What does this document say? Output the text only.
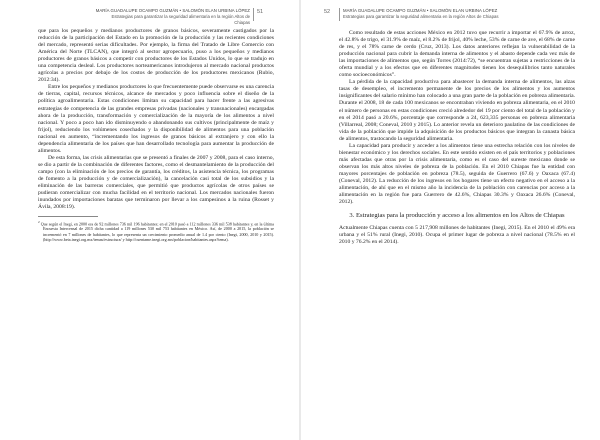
MARÍA GUADALUPE OCAMPO GUZMÁN • SALOMÓN ELAN URBINA LÓPEZ
Estrategias para garantizar la seguridad alimentaria en la región Altos de Chiapas
51

que para los pequeños y medianos productores de granos básicos, severamente castigados por la reducción de la participación del Estado en la promoción de la producción y las recientes condiciones del mercado, representó serias dificultades. Por ejemplo, la firma del Tratado de Libre Comercio con América del Norte (TLCAN), que integró al sector agropecuario, puso a los pequeños y medianos productores de granos básicos a competir con productores de los Estados Unidos, lo que se tradujo en una competencia desleal. Los productores norteamericanos introdujeron al mercado nacional productos agrícolas a precios por debajo de los costos de producción de los productores mexicanos (Rubio, 2012:34).

Entre los pequeños y medianos productores lo que frecuentemente puede observarse es una carencia de tierras, capital, recursos técnicos, alcance de mercados y poco influencia sobre el diseño de la política agroalimentaria. Estas condiciones limitan su capacidad para hacer frente a las agresivas estrategias de competencia de las grandes empresas privadas (nacionales y transnacionales) encargadas ahora de la producción, transformación y comercialización de la mayoría de los alimentos a nivel nacional. Y poco a poco han ido disminuyendo o abandonando sus cultivos (principalmente de maíz y frijol), reduciendo los volúmenes cosechados y la disponibilidad de alimentos para una población nacional en aumento, “incrementando los ingresos de granos básicos al extranjero y con ello la dependencia alimentaria de los países que han desarrollado tecnología para aumentar la producción de alimentos.

De esta forma, las crisis alimentarias que se presentó a finales de 2007 y 2008, para el caso interno, se dio a partir de la combinación de diferentes factores, como el desmantelamiento de la producción del campo (con la eliminación de los precios de garantía, los créditos, la asistencia técnica, los programas de fomento a la producción y de comercialización), la cancelación casi total de los subsidios y la eliminación de las barreras comerciales, que permitió que productos agrícolas de otros países se pudieran comercializar con mucha facilidad en el territorio nacional. Los mercados nacionales fueron inundados por importaciones baratas que terminaron por llevar a los campesinos a la ruina (Rosset y Ávila, 2008:19).

$^2$ Que según el Inegi, en 2000 era de 92 millones 736 mil 196 habitantes; en el 2010 pasó a 112 millones 336 mil 538 habitantes y, en la última Encuesta Intercensal de 2015 dicha cantidad a 119 millones 530 mil 753 habitantes en México. Así, de 2000 a 2015, la población se incrementó en 7 millones de habitantes, lo que representa un crecimiento promedio anual de 1.4 por ciento (Inegi, 2000, 2010 y 2015). (http://www.beta.inegi.org.mx/temas/estructura/ y http://cuentame.inegi.org.mx/poblacion/habitantes.aspx?tema).
52	MARÍA GUADALUPE OCAMPO GUZMÁN • SALOMÓN ELAN URBINA LÓPEZ
Estrategias para garantizar la seguridad alimentaria en la región Altos de Chiapas

Como resultado de estas acciones México en 2012 tuvo que recurrir a importar el 67.9% de arroz, el 42.8% de trigo, el 31.9% de maíz, el 8.2% de frijol, 40% leche, 53% de carne de ave, el 68% de carne de res, y el 78% carne de cerdo (Cruz, 2013). Los datos anteriores reflejan la vulnerabilidad de la producción nacional para cubrir la demanda interna de alimentos y el abasto depende cada vez más de las importaciones de alimentos que, según Torres (2014:72), “se encuentran sujetas a restricciones de la oferta mundial y a los efectos que en diferentes magnitudes tienen los desequilibrios tanto naturales como socioeconómicos”.

La pérdida de la capacidad productiva para abastecer la demanda interna de alimentos, las alzas tasas de desempleo, el incremento permanente de los precios de los alimentos y los aumentos insignificantes del salario mínimo han colocado a una gran parte de la población en pobreza alimentaria. Durante el 2008, 18 de cada 100 mexicanos se encontraban viviendo en pobreza alimentaria, en el 2010 el número de personas en estas condiciones creció alrededor del 19 por ciento del total de la población y en el 2014 pasó a 20.6%, porcentaje que corresponde a 24, 623,335 personas en pobreza alimentaria (Villarreal, 2008; Coneval, 2010 y 2015). Lo anterior revela un deterioro paulatino de las condiciones de vida de la población que impide la adquisición de los productos básicos que integran la canasta básica de alimentos, trastocando la seguridad alimentaria.

La capacidad para producir y acceder a los alimentos tiene una estrecha relación con los niveles de bienestar económico y los derechos sociales. En este sentido existen en el país territorios y poblaciones más afectadas que otras por la crisis alimentaria, como es el caso del sureste mexicano donde se observan los más altos niveles de pobreza de la población. En el 2010 Chiapas fue la entidad con mayores porcentajes de población en pobreza (78.5), seguida de Guerrero (67.6) y Oaxaca (67.4) (Coneval, 2012). La reducción de los ingresos en los hogares tiene un efecto negativo en el acceso a la alimentación, de ahí que en el mismo año la incidencia de la población con carencias por acceso a la alimentación en la región fue para Guerrero de 42.6%, Chiapas 30.3% y Oaxaca 26.6% (Coneval, 2012).

3. Estrategias para la producción y acceso a los alimentos en los Altos de Chiapas

Actualmente Chiapas cuenta con 5 217,908 millones de habitantes (Inegi, 2015). En el 2010 el 49% era urbana y el 51% rural (Inegi, 2010). Ocupa el primer lugar de pobreza a nivel nacional (78.5% en el 2010 y 76.2% en el 2014).
